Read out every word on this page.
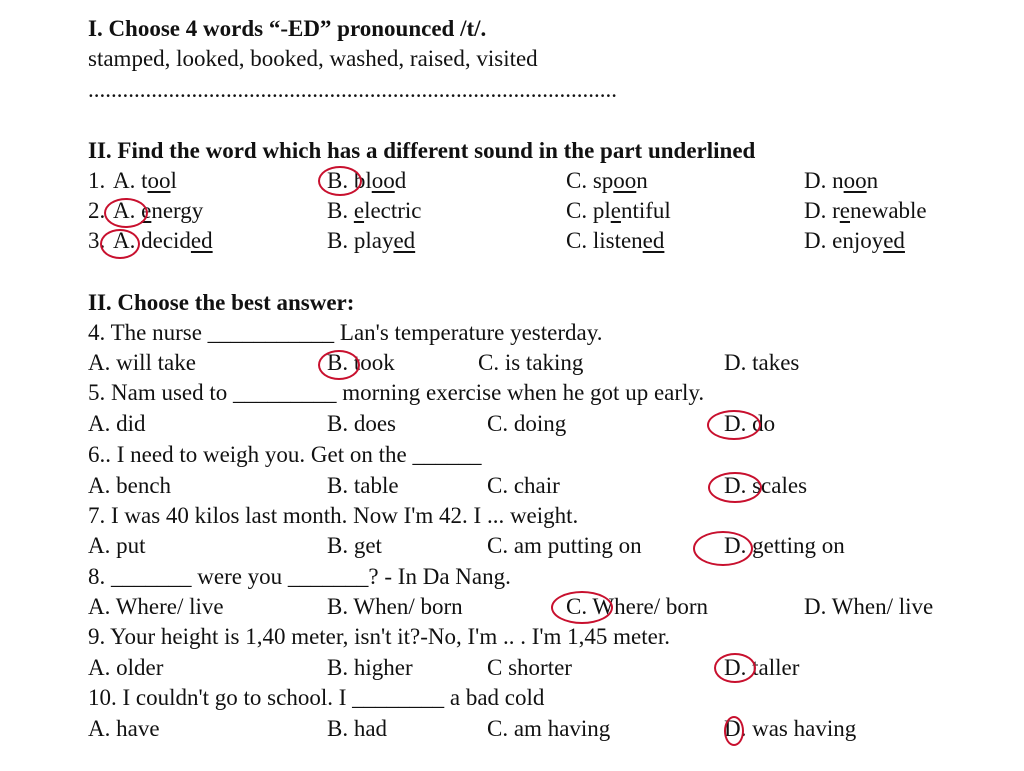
I. Choose 4 words “-ED” pronounced /t/.
stamped, looked, booked, washed, raised, visited
............................................................................................
II. Find the word which has a different sound in the part underlined
1. A. tool	B. blood	C. spoon	D. noon
2. A. energy	B. electric	C. plentiful	D. renewable
3. A. decided	B. played	C. listened	D. enjoyed
II. Choose the best answer:
4. The nurse ___________ Lan's temperature yesterday.
A. will take	B. took	C. is taking	D. takes
5. Nam used to _________ morning exercise when he got up early.
A. did	B. does	C. doing	D. do
6.. I need to weigh you. Get on the ______
A. bench	B. table	C. chair	D. scales
7. I was 40 kilos last month. Now I'm 42. I ... weight.
A. put	B. get	C. am putting on	D. getting on
8. _______ were you _______? - In Da Nang.
A. Where/ live	B. When/ born	C. Where/ born	D. When/ live
9. Your height is 1,40 meter, isn't it?-No, I'm .. . I'm 1,45 meter.
A. older	B. higher	C shorter	D. taller
10. I couldn't go to school. I ________ a bad cold
A. have	B. had	C. am having	D. was having
